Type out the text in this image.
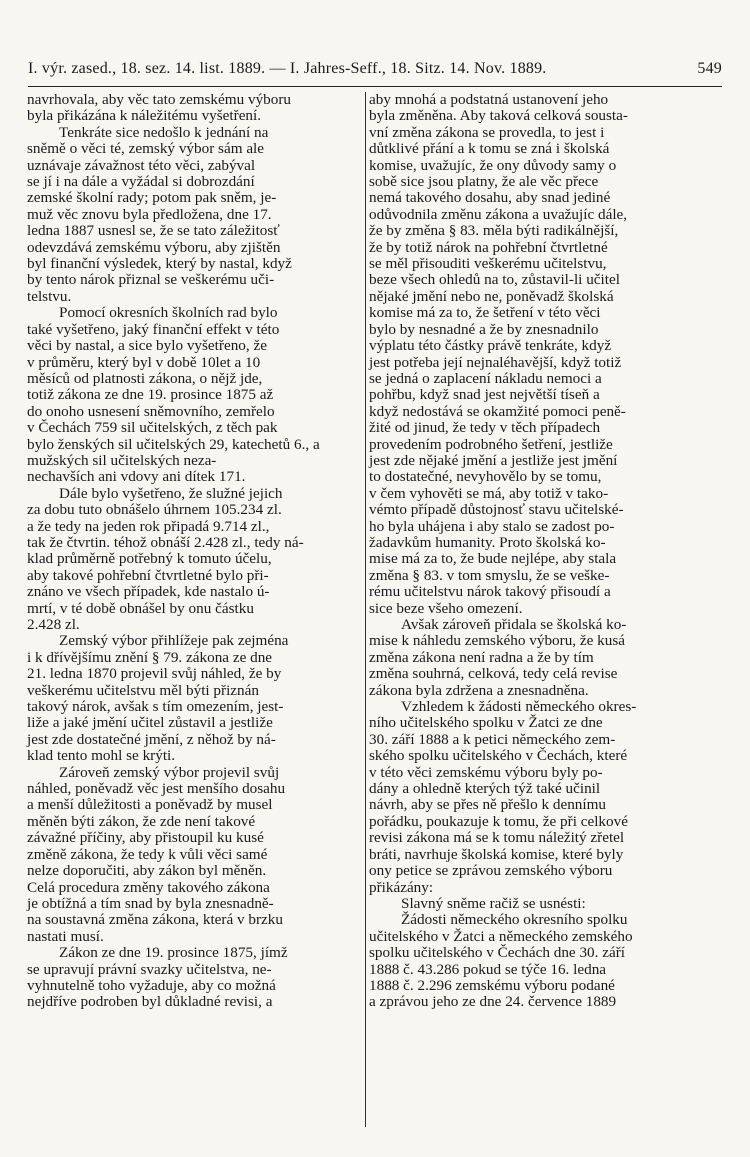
I. výr. zased., 18. sez. 14. list. 1889. — I. Jahres-Seff., 18. Sitz. 14. Nov. 1889.	549

navrhovala, aby věc tato zemskému výboru
byla přikázána k náležitému vyšetření.

Tenkráte sice nedošlo k jednání na
sněmě o věci té, zemský výbor sám ale
uznávaje závažnost této věci, zabýval
se jí i na dále a vyžádal si dobrozdání
zemské školní rady; potom pak sněm, je-
muž věc znovu byla předložena, dne 17.
ledna 1887 usnesl se, že se tato záležitosť
odevzdává zemskému výboru, aby zjištěn
byl finanční výsledek, který by nastal, když
by tento nárok přiznal se veškerému uči-
telstvu.

Pomocí okresních školních rad bylo
také vyšetřeno, jaký finanční effekt v této
věci by nastal, a sice bylo vyšetřeno, že
v průměru, který byl v době 10let a 10
měsíců od platnosti zákona, o nějž jde,
totiž zákona ze dne 19. prosince 1875 až
do onoho usnesení sněmovního, zemřelo
v Čechách 759 sil učitelských, z těch pak
bylo ženských sil učitelských 29, katechetů 6., a mužských sil učitelských neza-
nechavších ani vdovy ani dítek 171.

Dále bylo vyšetřeno, že služné jejich
za dobu tuto obnášelo úhrnem 105.234 zl.
a že tedy na jeden rok připadá 9.714 zl.,
tak že čtvrtin. téhož obnáší 2.428 zl., tedy ná-
klad průměrně potřebný k tomuto účelu,
aby takové pohřební čtvrtletné bylo při-
znáno ve všech případek, kde nastalo ú-
mrtí, v té době obnášel by onu částku
2.428 zl.

Zemský výbor přihlížeje pak zejména
i k dřívějšímu znění § 79. zákona ze dne
21. ledna 1870 projevil svůj náhled, že by
veškerému učitelstvu měl býti přiznán
takový nárok, avšak s tím omezením, jest-
liže a jaké jmění učitel zůstavil a jestliže
jest zde dostatečné jmění, z něhož by ná-
klad tento mohl se krýti.

Zároveň zemský výbor projevil svůj
náhled, poněvadž věc jest menšího dosahu
a menší důležitosti a poněvadž by musel
měněn býti zákon, že zde není takové
závažné příčiny, aby přistoupil ku kusé
změně zákona, že tedy k vůli věci samé
nelze doporučiti, aby zákon byl měněn.
Celá procedura změny takového zákona
je obtížná a tím snad by byla znesnadně-
na soustavná změna zákona, která v brzku
nastati musí.

Zákon ze dne 19. prosince 1875, jímž
se upravují právní svazky učitelstva, ne-
vyhnutelně toho vyžaduje, aby co možná
nejdříve podroben byl důkladné revisi, a

aby mnohá a podstatná ustanovení jeho
byla změněna. Aby taková celková sousta-
vní změna zákona se provedla, to jest i
důtklivé přání a k tomu se zná i školská
komise, uvažujíc, že ony důvody samy o
sobě sice jsou platny, že ale věc přece
nemá takového dosahu, aby snad jediné
odůvodnila změnu zákona a uvažujíc dále,
že by změna § 83. měla býti radikálnější,
že by totiž nárok na pohřební čtvrtletné
se měl přisouditi veškerému učitelstvu,
beze všech ohledů na to, zůstavil-li učitel
nějaké jmění nebo ne, poněvadž školská
komise má za to, že šetření v této věci
bylo by nesnadné a že by znesnadnilo
výplatu této částky právě tenkráte, když
jest potřeba její nejnaléhavější, když totiž
se jedná o zaplacení nákladu nemoci a
pohřbu, když snad jest největší tíseň a
když nedostává se okamžité pomoci peně-
žité od jinud, že tedy v těch případech
provedením podrobného šetření, jestliže
jest zde nějaké jmění a jestliže jest jmění
to dostatečné, nevyhovělo by se tomu,
v čem vyhověti se má, aby totiž v tako-
vémto případě důstojnosť stavu učitelské-
ho byla uhájena i aby stalo se zadost po-
žadavkům humanity. Proto školská ko-
mise má za to, že bude nejlépe, aby stala
změna § 83. v tom smyslu, že se veške-
rému učitelstvu nárok takový přisoudí a
sice beze všeho omezení.

Avšak zároveň přidala se školská ko-
mise k náhledu zemského výboru, že kusá
změna zákona není radna a že by tím
změna souhrná, celková, tedy celá revise
zákona byla zdržena a znesnadněna.

Vzhledem k žádosti německého okres-
ního učitelského spolku v Žatci ze dne
30. září 1888 a k petici německého zem-
ského spolku učitelského v Čechách, které
v této věci zemskému výboru byly po-
dány a ohledně kterých týž také učinil
návrh, aby se přes ně přešlo k dennímu
pořádku, poukazuje k tomu, že při celkové
revisi zákona má se k tomu náležitý zřetel
bráti, navrhuje školská komise, které byly
ony petice se zprávou zemského výboru
přikázány:

Slavný sněme račiž se usnésti:

Žádosti německého okresního spolku
učitelského v Žatci a německého zemského
spolku učitelského v Čechách dne 30. září
1888 č. 43.286 pokud se týče 16. ledna
1888 č. 2.296 zemskému výboru podané
a zprávou jeho ze dne 24. července 1889
